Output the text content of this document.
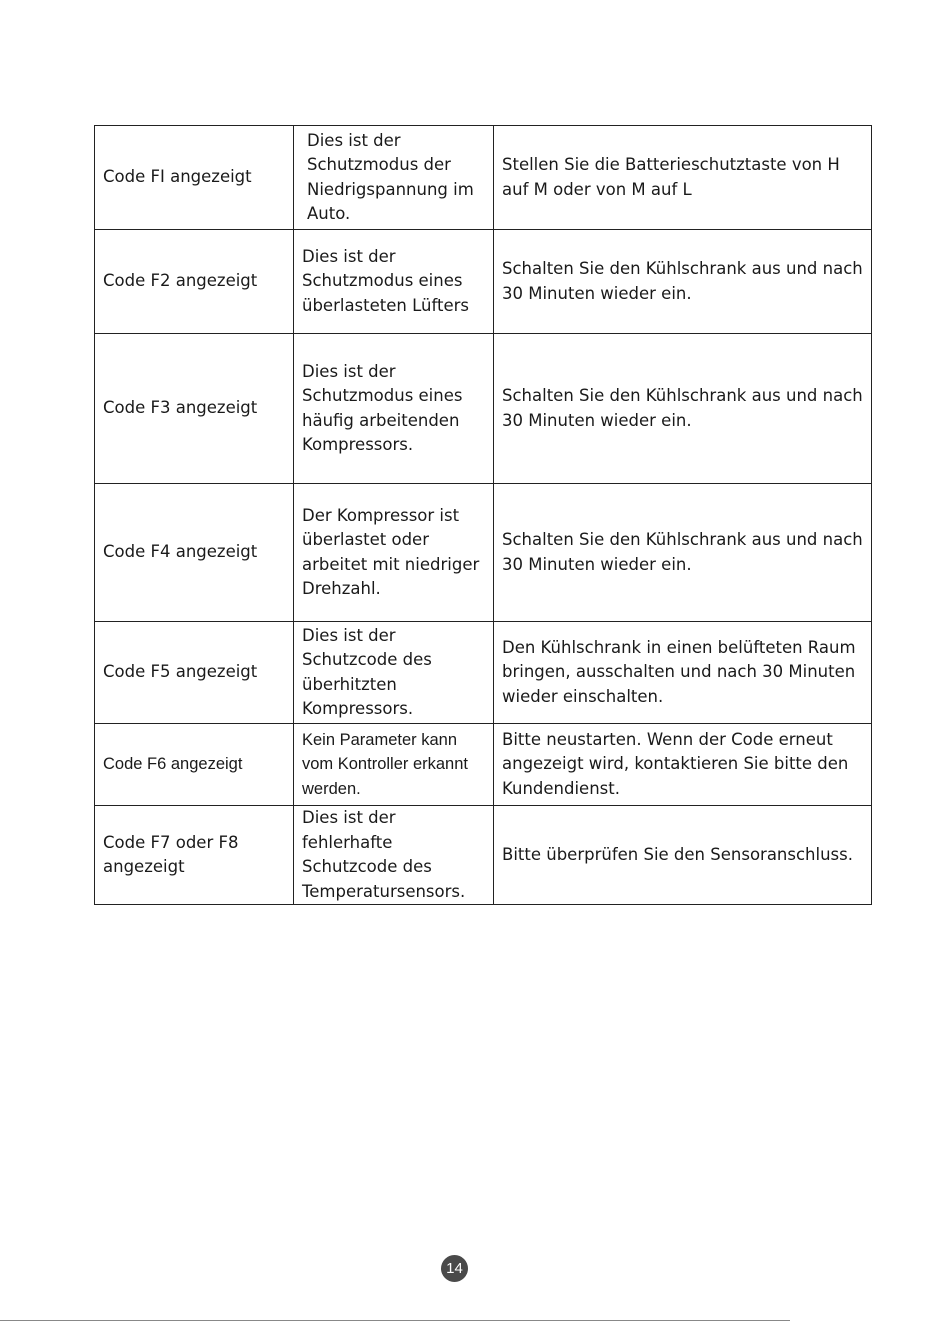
Code FI angezeigt	Dies ist der Schutzmodus der Niedrigspannung im Auto.	Stellen Sie die Batterieschutztaste von H auf M oder von M auf L
Code F2 angezeigt	Dies ist der Schutzmodus eines überlasteten Lüfters	Schalten Sie den Kühlschrank aus und nach 30 Minuten wieder ein.
Code F3 angezeigt	Dies ist der Schutzmodus eines häufig arbeitenden Kompressors.	Schalten Sie den Kühlschrank aus und nach 30 Minuten wieder ein.
Code F4 angezeigt	Der Kompressor ist überlastet oder arbeitet mit niedriger Drehzahl.	Schalten Sie den Kühlschrank aus und nach 30 Minuten wieder ein.
Code F5 angezeigt	Dies ist der Schutzcode des überhitzten Kompressors.	Den Kühlschrank in einen belüfteten Raum bringen, ausschalten und nach 30 Minuten wieder einschalten.
Code F6 angezeigt	Kein Parameter kann vom Kontroller erkannt werden.	Bitte neustarten. Wenn der Code erneut angezeigt wird, kontaktieren Sie bitte den Kundendienst.
Code F7 oder F8 angezeigt	Dies ist der fehlerhafte Schutzcode des Temperatursensors.	Bitte überprüfen Sie den Sensoranschluss.
14
